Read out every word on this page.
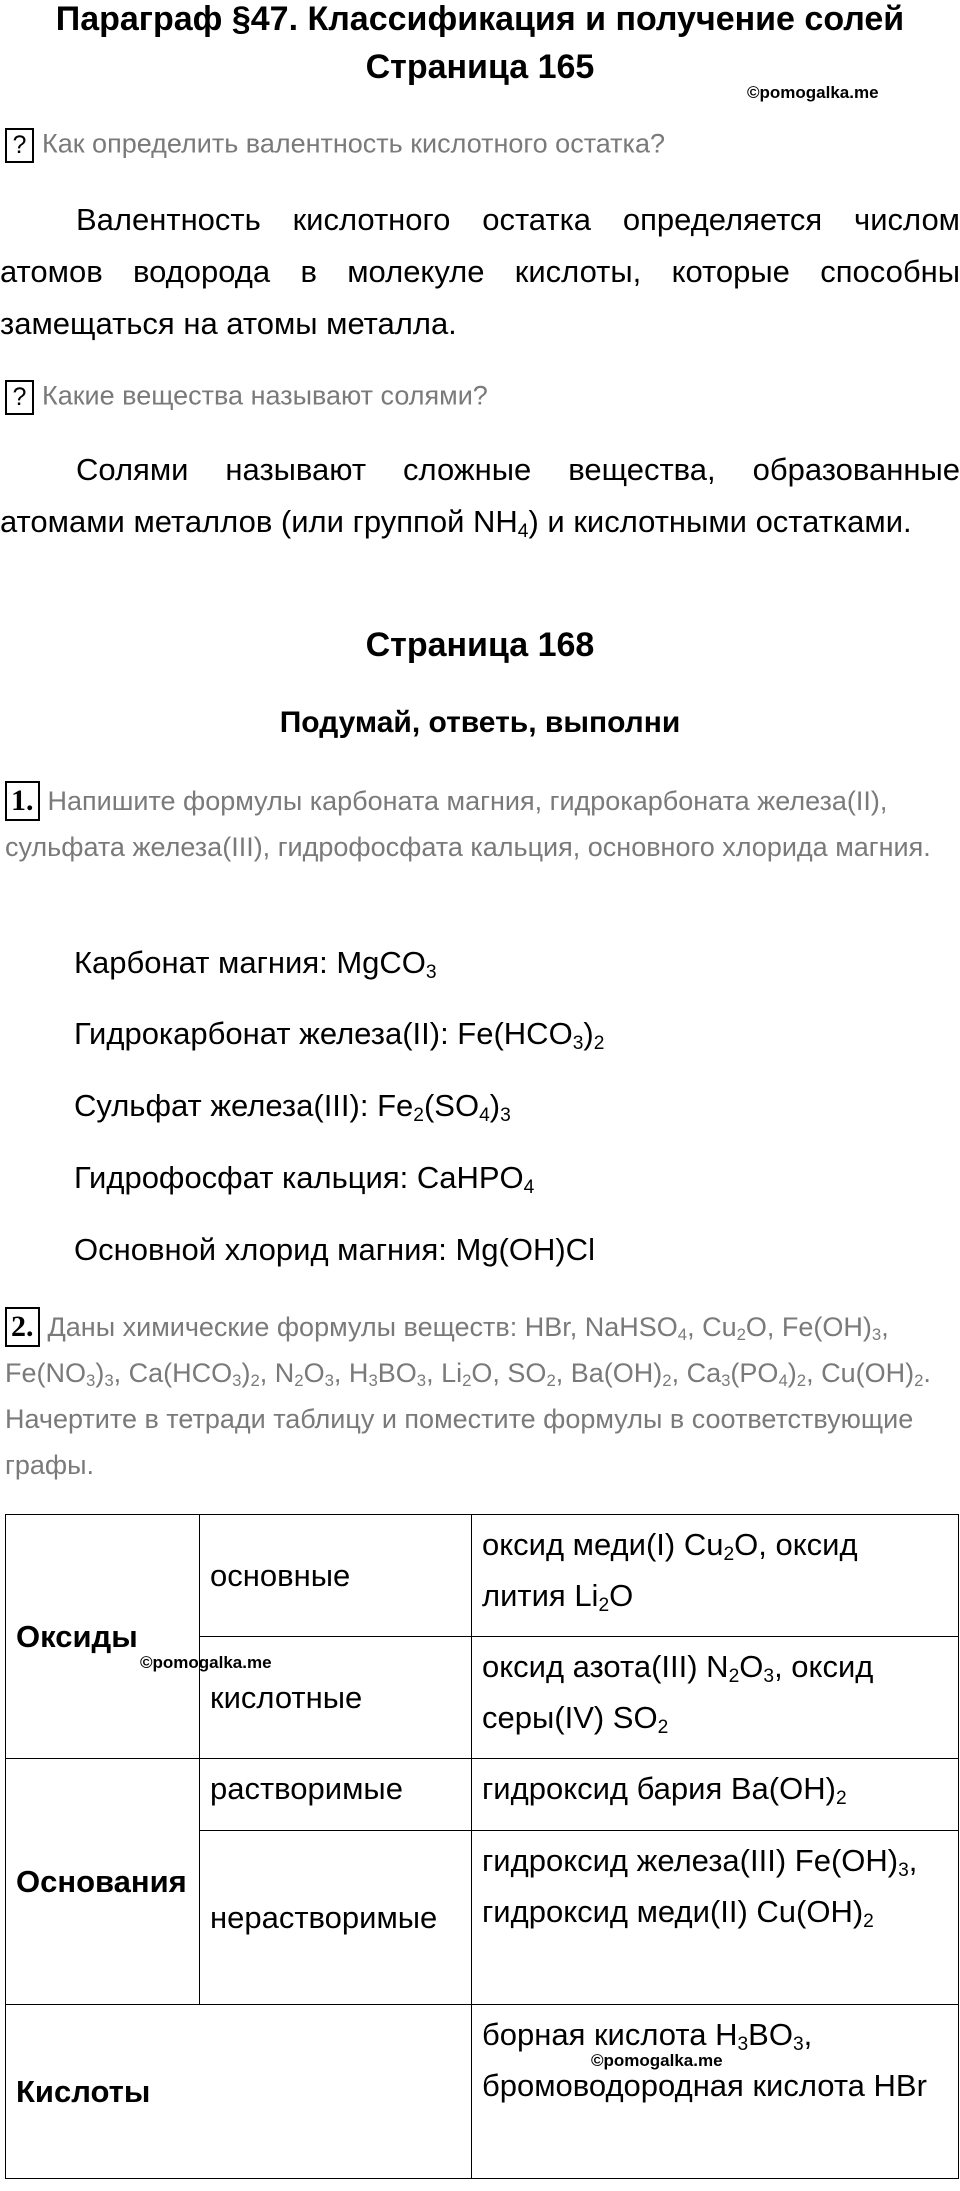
Параграф §47. Классификация и получение солей
Страница 165
©pomogalka.me
? Как определить валентность кислотного остатка?

Валентность кислотного остатка определяется числом атомов водорода в молекуле кислоты, которые способны замещаться на атомы металла.

? Какие вещества называют солями?

Солями называют сложные вещества, образованные атомами металлов (или группой $NH_4$) и кислотными остатками.

Страница 168
Подумай, ответь, выполни

1. Напишите формулы карбоната магния, гидрокарбоната железа(II), сульфата железа(III), гидрофосфата кальция, основного хлорида магния.

Карбонат магния: MgCO$_3$
Гидрокарбонат железа(II): $Fe(HCO_3)_2$
Сульфат железа(III): $Fe_2(SO_4)_3$
Гидрофосфат кальция: CaHPO$_4$
Основной хлорид магния: Mg(OH)Cl

2. Даны химические формулы веществ: HBr, NaHSO$_4$, $Cu_2O$, $Fe(OH)_3$, $Fe(NO_3)_3$, $Ca(HCO_3)_2$, $N_2O_3$, $H_3BO_3$, $Li_2O$, $SO_2$, $Ba(OH)_2$, $Ca_3(PO_4)_2$, $Cu(OH)_2$. Начертите в тетради таблицу и поместите формулы в соответствующие графы.

Оксиды	основные	оксид меди(I) $Cu_2O$, оксид лития $Li_2O$
	кислотные	оксид азота(III) $N_2O_3$, оксид серы(IV) $SO_2$
Основания	растворимые	гидроксид бария $Ba(OH)_2$
	нерастворимые	гидроксид железа(III) $Fe(OH)_3$, гидроксид меди(II) $Cu(OH)_2$
Кислоты		борная кислота $H_3BO_3$, бромоводородная кислота HBr
©pomogalka.me
©pomogalka.me
